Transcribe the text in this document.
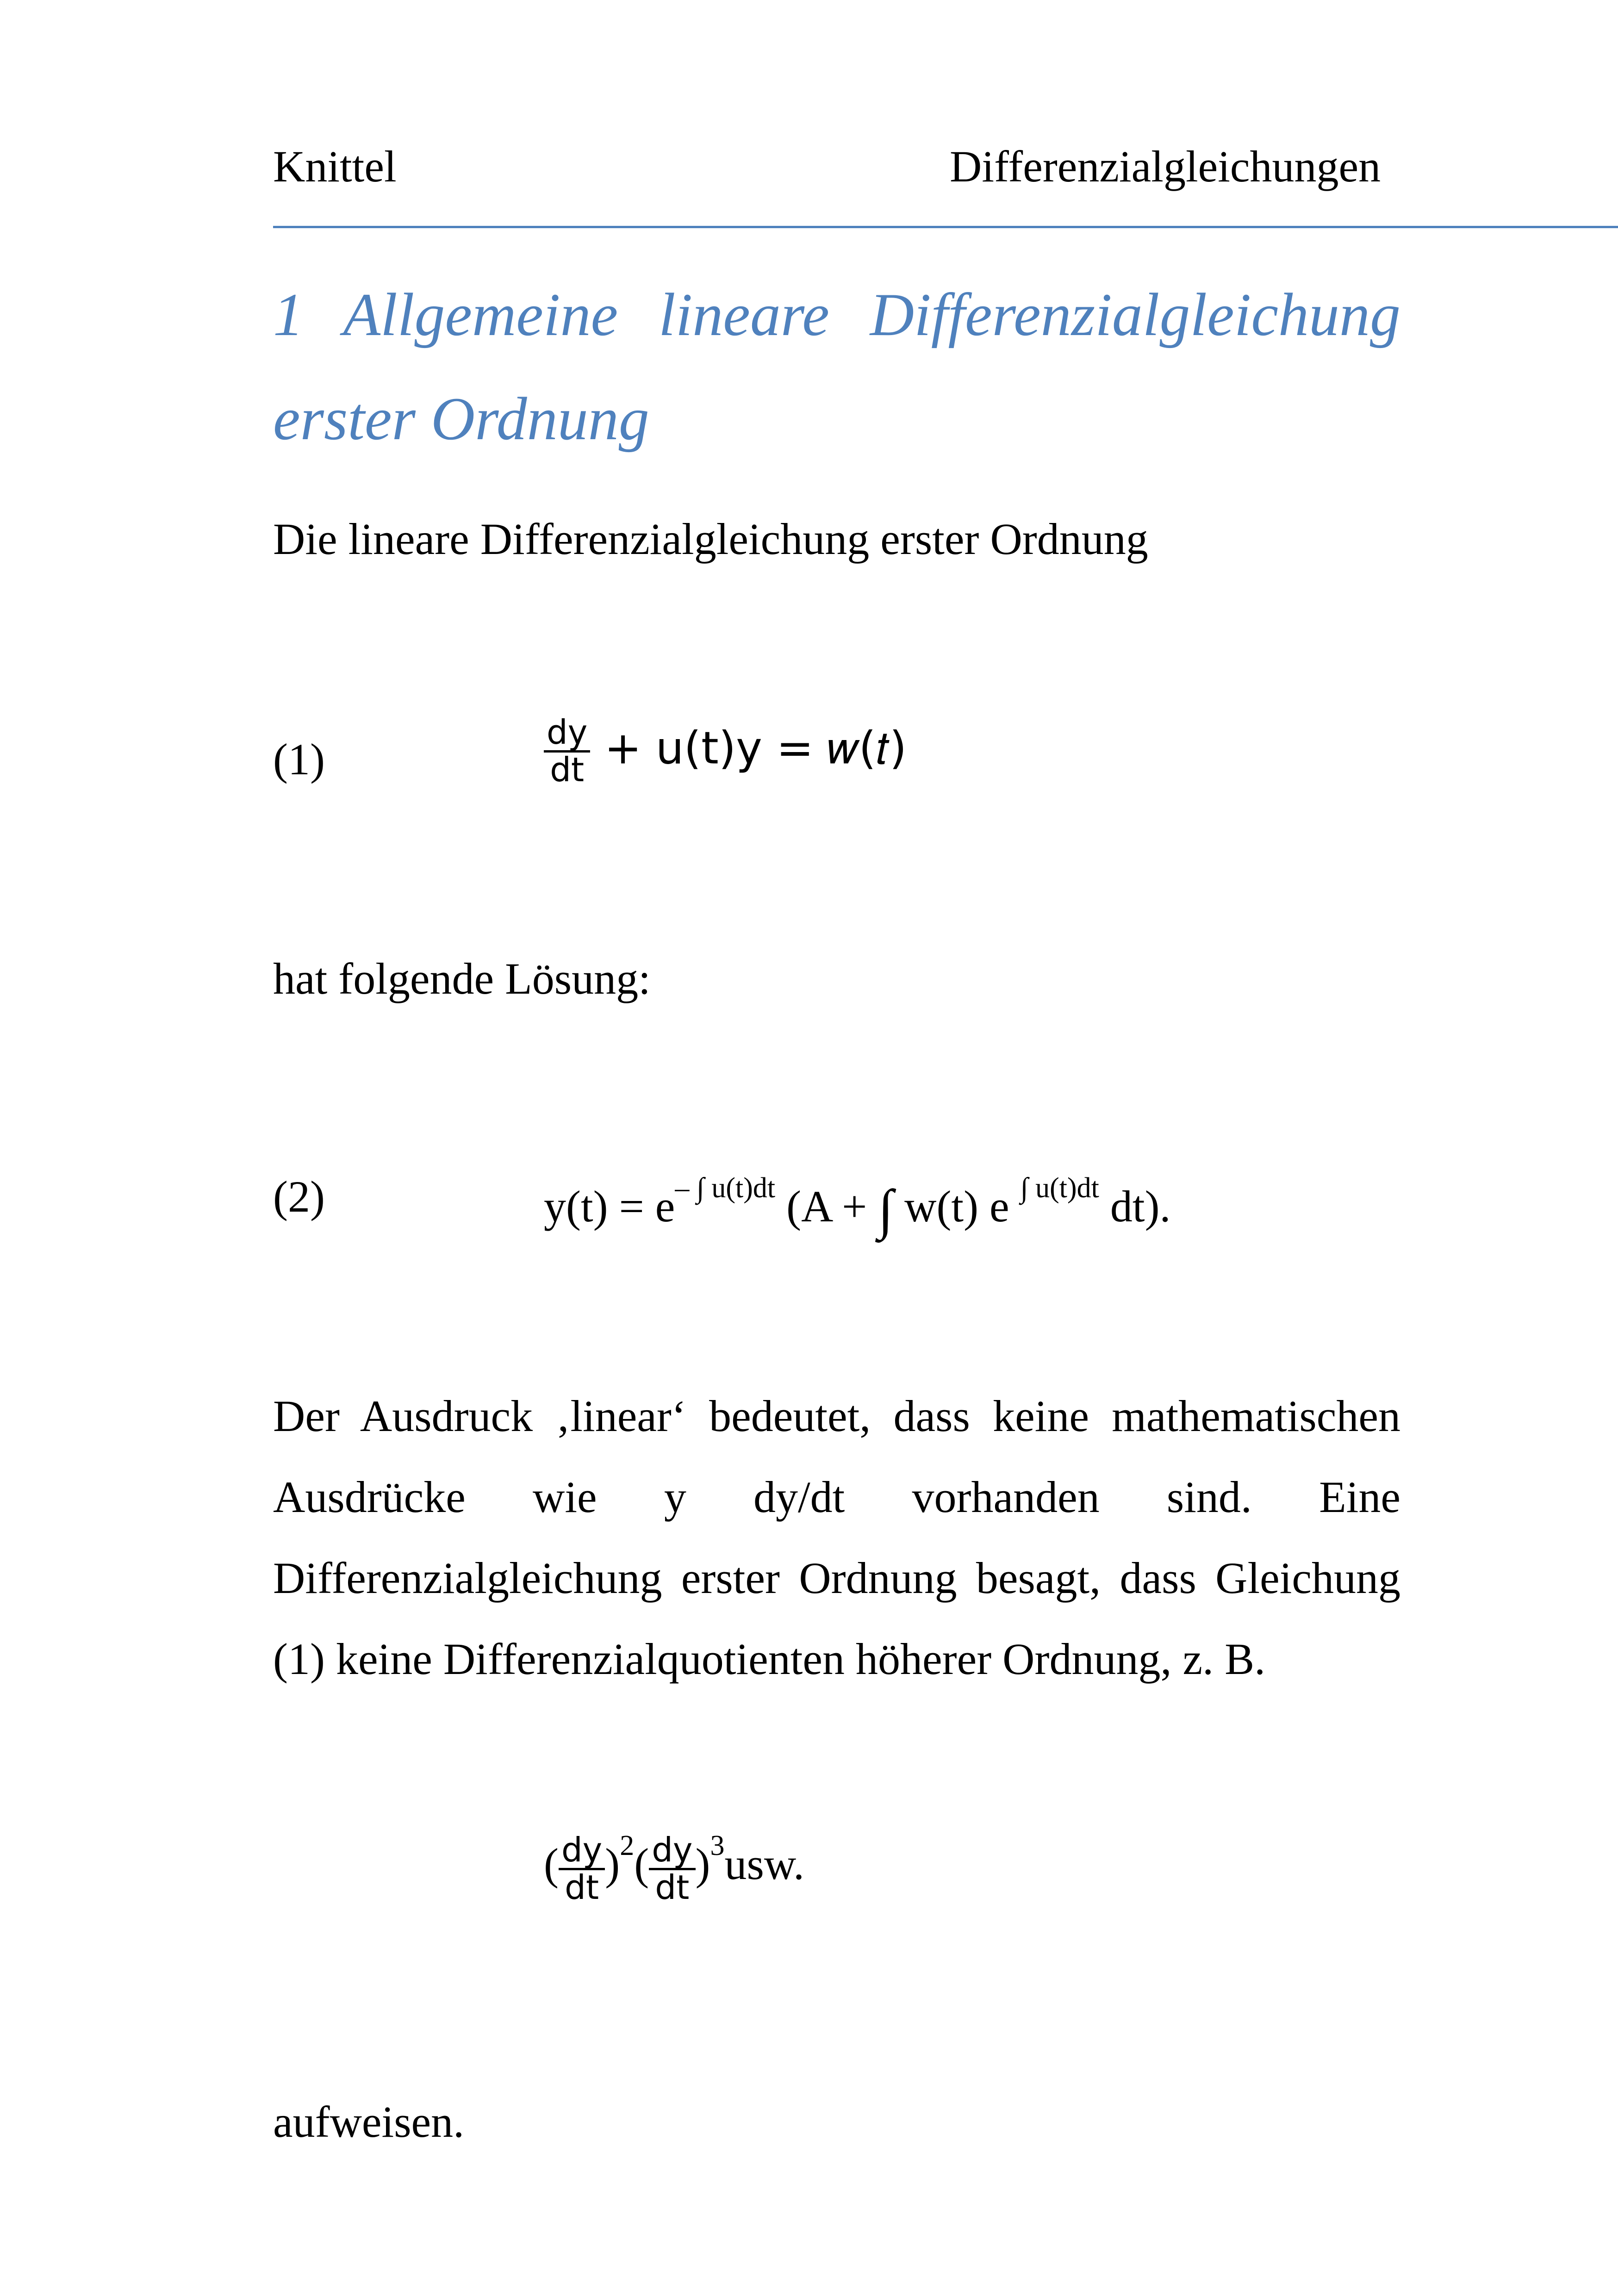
Knittel	Differenzialgleichungen
1 Allgemeine lineare Differenzialgleichung
erster Ordnung
Die lineare Differenzialgleichung erster Ordnung
(1)	$\frac{dy}{dt} + u(t)y$ = 𝑤(𝑡)
hat folgende Lösung:
(2)	$y(t) = e^{- \int u(t)dt}$ (A + ∫ w(t) e $^{\int u(t)dt}$ dt).
Der Ausdruck ‚linear‘ bedeutet, dass keine mathematischen
Ausdrücke wie y dy/dt vorhanden sind. Eine
Differenzialgleichung erster Ordnung besagt, dass Gleichung
(1) keine Differenzialquotienten höherer Ordnung, z. B.
( $\frac{dy}{dt} )^2( \frac{dy}{dt} )^3usw$.
aufweisen.
